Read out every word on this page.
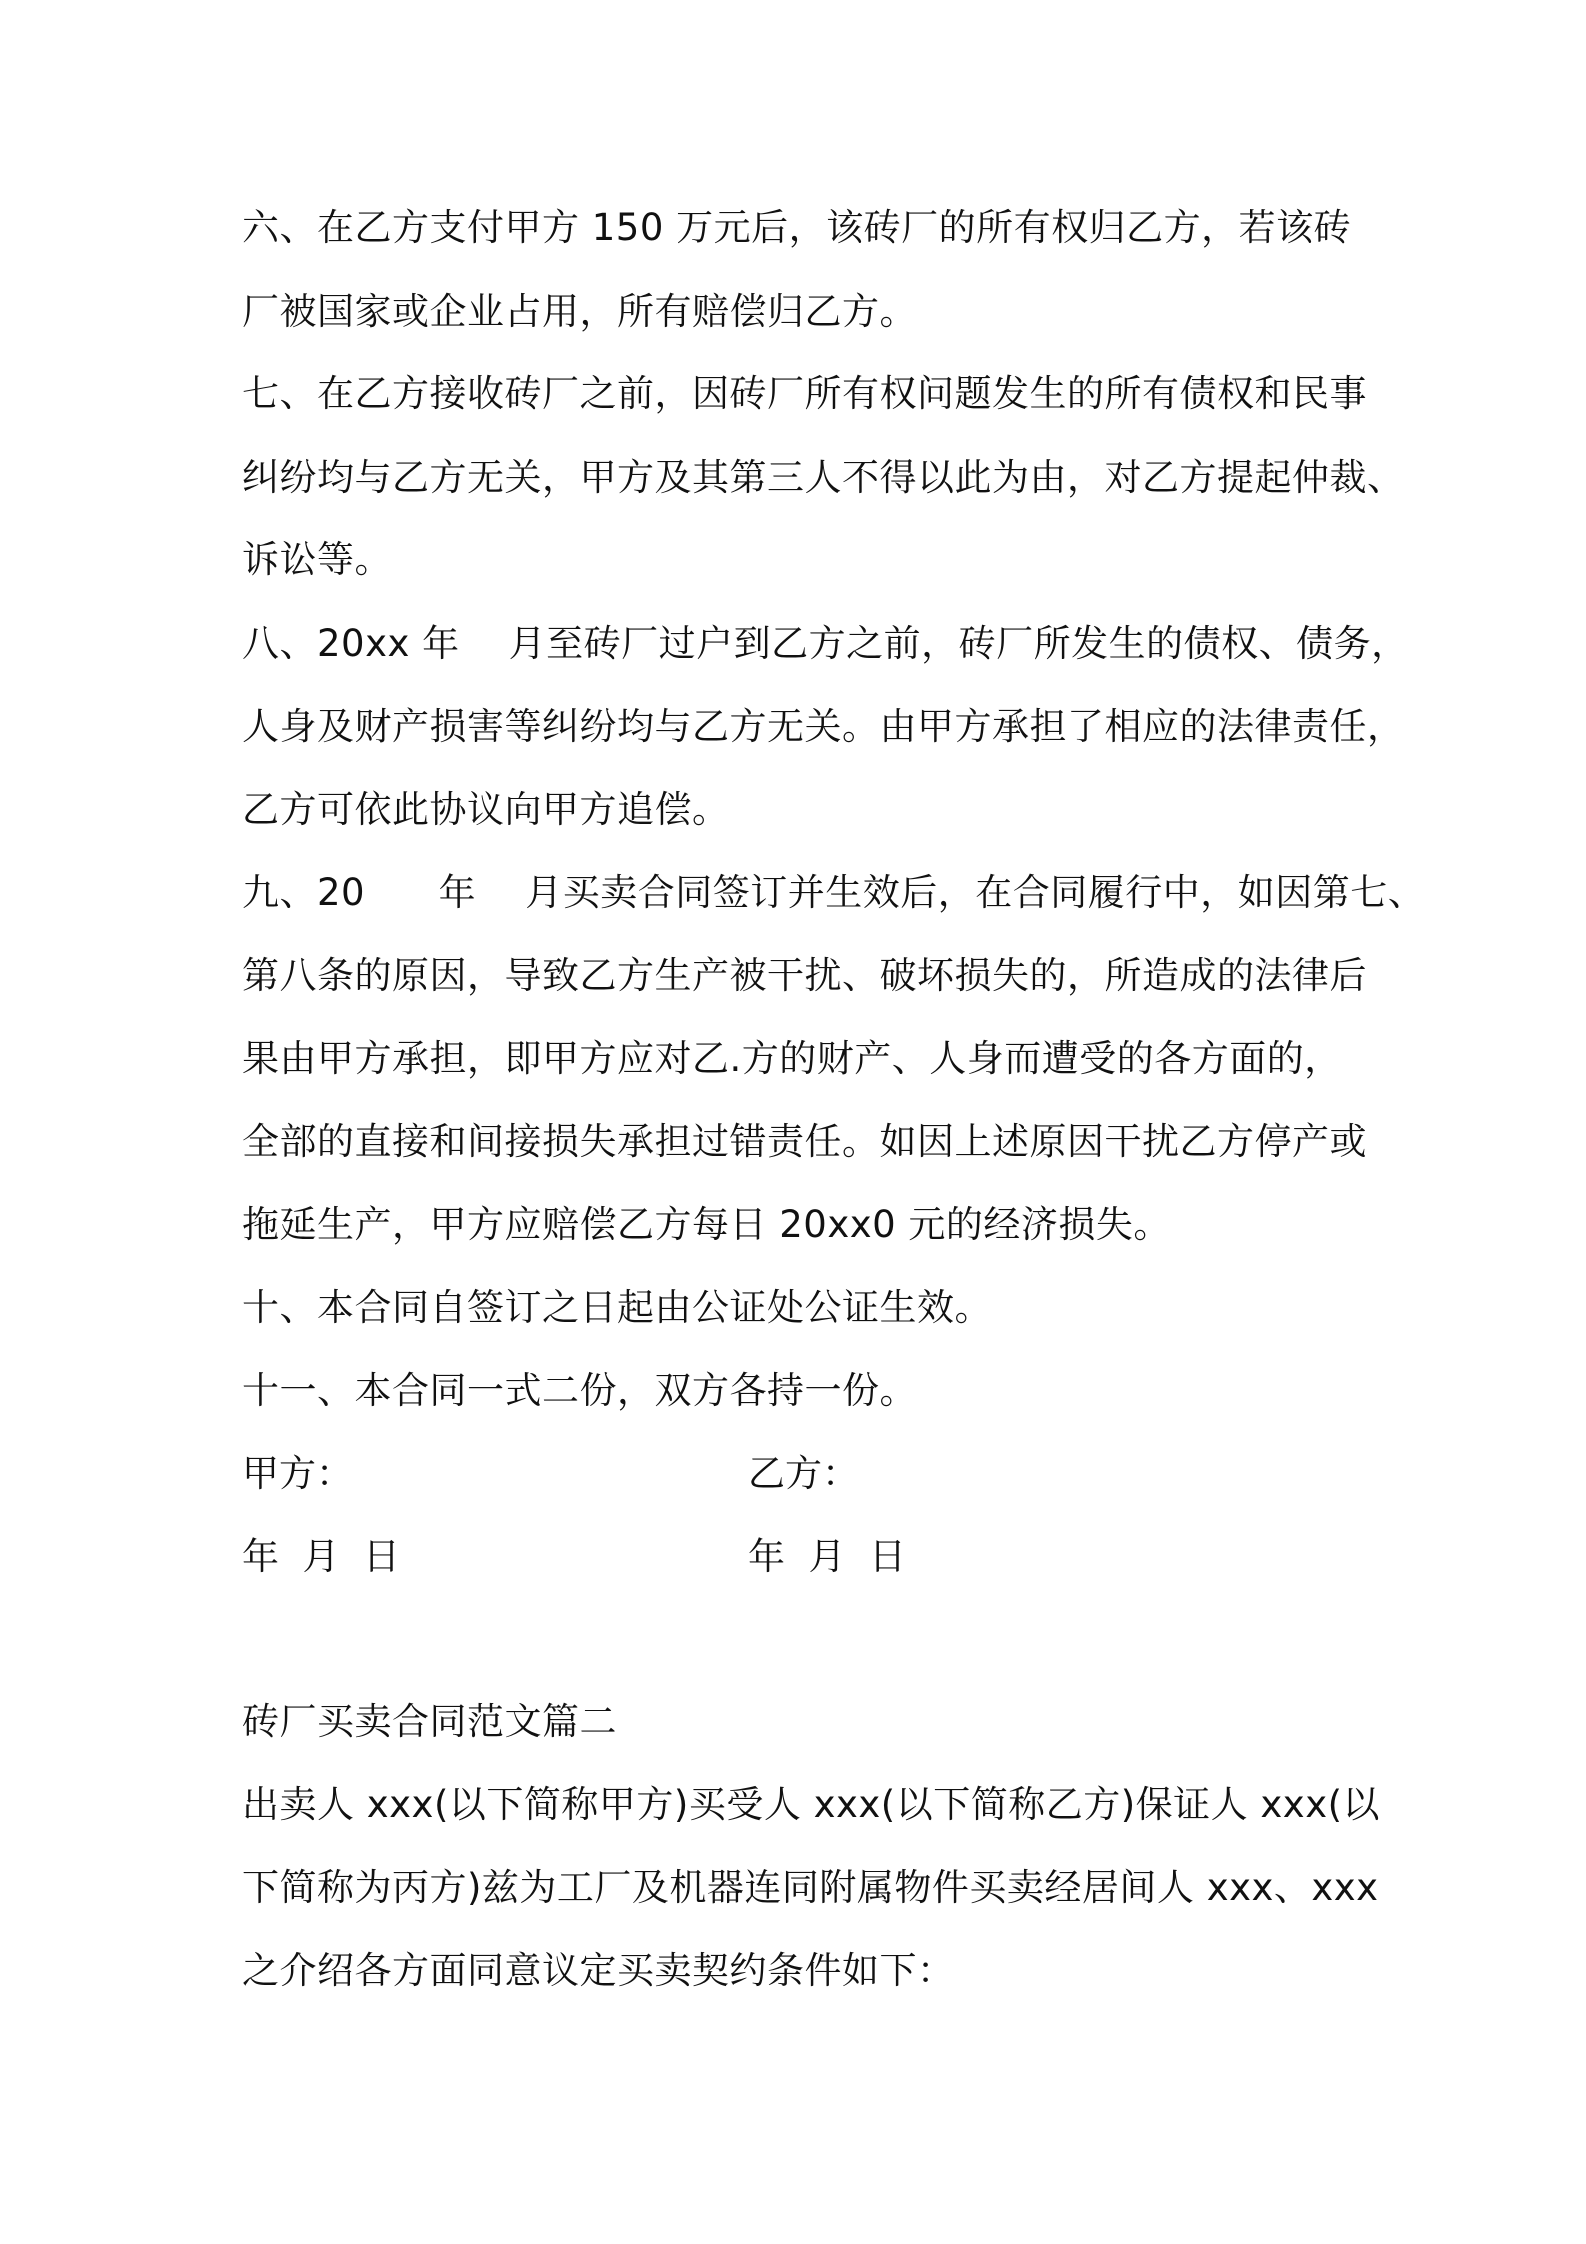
六、在乙方支付甲方 150 万元后，该砖厂的所有权归乙方，若该砖
厂被国家或企业占用，所有赔偿归乙方。
七、在乙方接收砖厂之前，因砖厂所有权问题发生的所有债权和民事
纠纷均与乙方无关，甲方及其第三人不得以此为由，对乙方提起仲裁、
诉讼等。
八、20xx 年    月至砖厂过户到乙方之前，砖厂所发生的债权、债务，
人身及财产损害等纠纷均与乙方无关。由甲方承担了相应的法律责任，
乙方可依此协议向甲方追偿。
九、20      年    月买卖合同签订并生效后，在合同履行中，如因第七、
第八条的原因，导致乙方生产被干扰、破坏损失的，所造成的法律后
果由甲方承担，即甲方应对乙.方的财产、人身而遭受的各方面的，
全部的直接和间接损失承担过错责任。如因上述原因干扰乙方停产或
拖延生产，甲方应赔偿乙方每日 20xx0 元的经济损失。
十、本合同自签订之日起由公证处公证生效。
十一、本合同一式二份，双方各持一份。
甲方：	乙方：
年  月  日	年  月  日
砖厂买卖合同范文篇二
出卖人 xxx(以下简称甲方)买受人 xxx(以下简称乙方)保证人 xxx(以
下简称为丙方)兹为工厂及机器连同附属物件买卖经居间人 xxx、xxx
之介绍各方面同意议定买卖契约条件如下：
